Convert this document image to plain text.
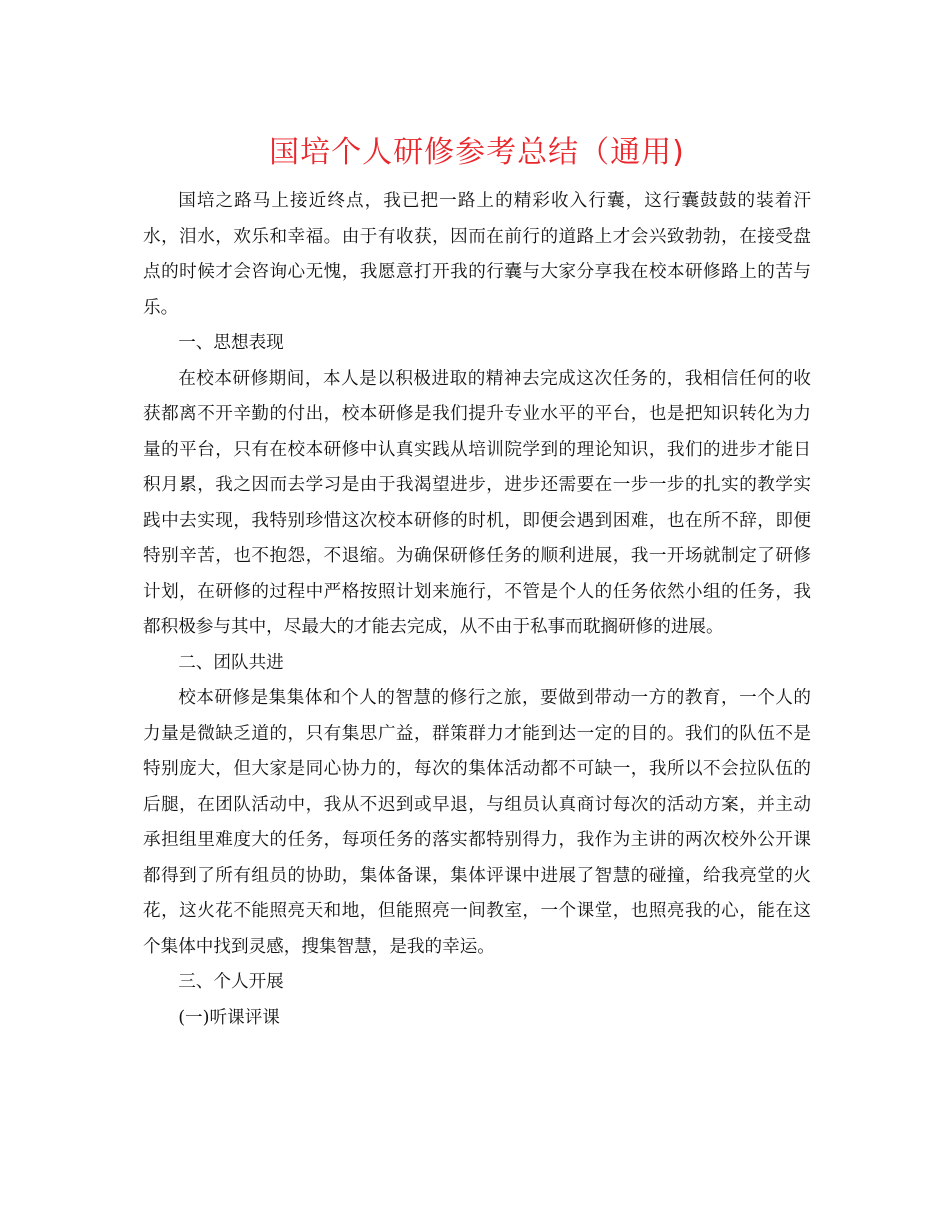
国培个人研修参考总结（通用)

国培之路马上接近终点，我已把一路上的精彩收入行囊，这行囊鼓鼓的装着汗水，泪水，欢乐和幸福。由于有收获，因而在前行的道路上才会兴致勃勃，在接受盘点的时候才会咨询心无愧，我愿意打开我的行囊与大家分享我在校本研修路上的苦与乐。

一、思想表现

在校本研修期间，本人是以积极进取的精神去完成这次任务的，我相信任何的收获都离不开辛勤的付出，校本研修是我们提升专业水平的平台，也是把知识转化为力量的平台，只有在校本研修中认真实践从培训院学到的理论知识，我们的进步才能日积月累，我之因而去学习是由于我渴望进步，进步还需要在一步一步的扎实的教学实践中去实现，我特别珍惜这次校本研修的时机，即便会遇到困难，也在所不辞，即便特别辛苦，也不抱怨，不退缩。为确保研修任务的顺利进展，我一开场就制定了研修计划，在研修的过程中严格按照计划来施行，不管是个人的任务依然小组的任务，我都积极参与其中，尽最大的才能去完成，从不由于私事而耽搁研修的进展。

二、团队共进

校本研修是集集体和个人的智慧的修行之旅，要做到带动一方的教育，一个人的力量是微缺乏道的，只有集思广益，群策群力才能到达一定的目的。我们的队伍不是特别庞大，但大家是同心协力的，每次的集体活动都不可缺一，我所以不会拉队伍的后腿，在团队活动中，我从不迟到或早退，与组员认真商讨每次的活动方案，并主动承担组里难度大的任务，每项任务的落实都特别得力，我作为主讲的两次校外公开课都得到了所有组员的协助，集体备课，集体评课中进展了智慧的碰撞，给我亮堂的火花，这火花不能照亮天和地，但能照亮一间教室，一个课堂，也照亮我的心，能在这个集体中找到灵感，搜集智慧，是我的幸运。

三、个人开展

(一)听课评课
